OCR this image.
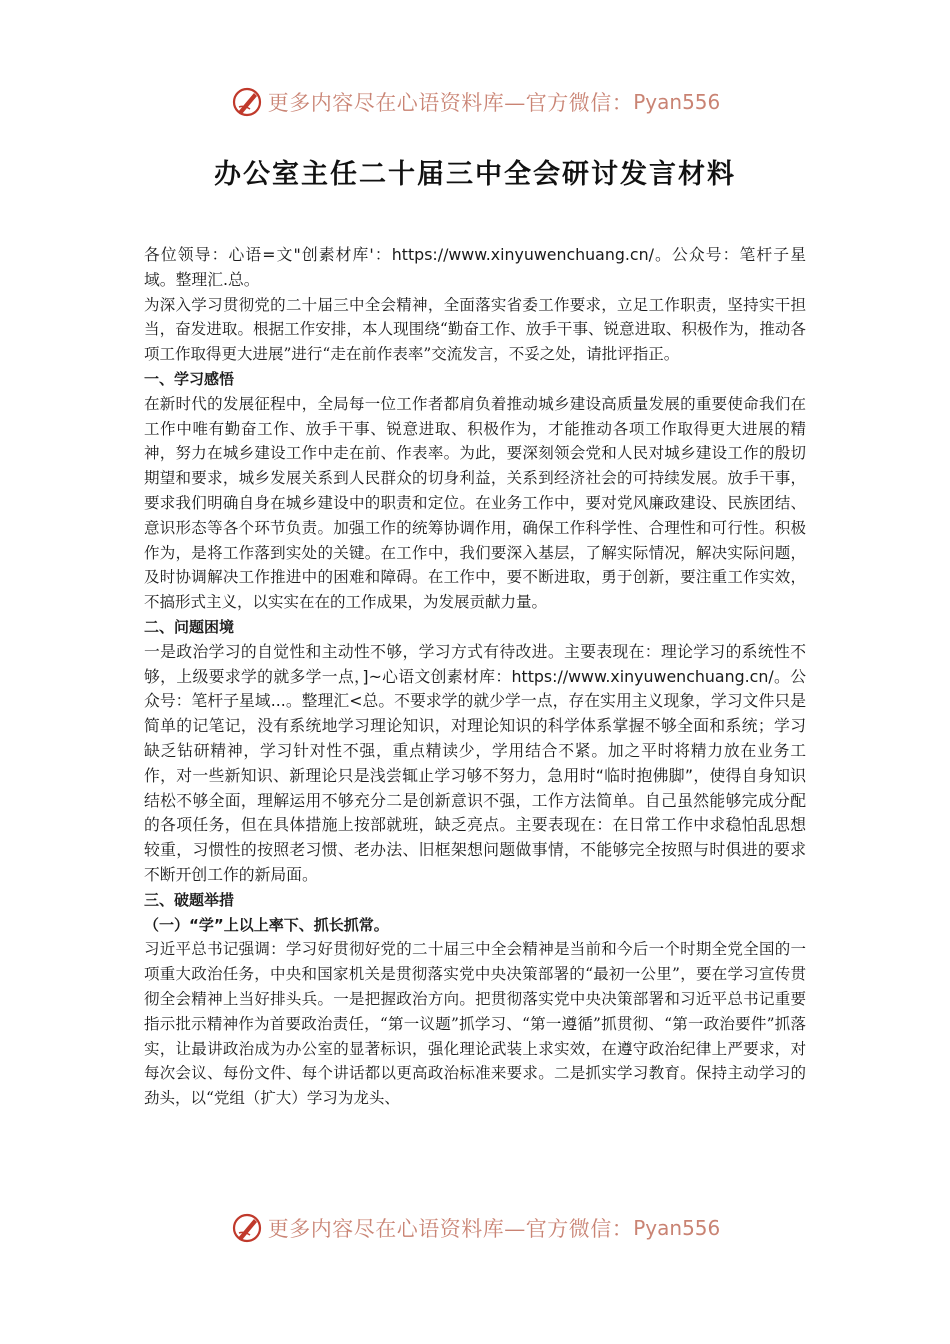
更多内容尽在心语资料库—官方微信： Pyan556
办公室主任二十届三中全会研讨发言材料

各位领导：心语=文"创素材库'：https://www.xinyuwenchuang.cn/。公众号：笔杆子星域。整理汇.总。

为深入学习贯彻党的二十届三中全会精神，全面落实省委工作要求，立足工作职责，坚持实干担当，奋发进取。根据工作安排，本人现围绕“勤奋工作、放手干事、锐意进取、积极作为，推动各项工作取得更大进展”进行“走在前作表率”交流发言，不妥之处，请批评指正。

一、学习感悟

在新时代的发展征程中，全局每一位工作者都肩负着推动城乡建设高质量发展的重要使命我们在工作中唯有勤奋工作、放手干事、锐意进取、积极作为，才能推动各项工作取得更大进展的精神，努力在城乡建设工作中走在前、作表率。为此，要深刻领会党和人民对城乡建设工作的殷切期望和要求，城乡发展关系到人民群众的切身利益，关系到经济社会的可持续发展。放手干事，要求我们明确自身在城乡建设中的职责和定位。在业务工作中，要对党风廉政建设、民族团结、意识形态等各个环节负责。加强工作的统筹协调作用，确保工作科学性、合理性和可行性。积极作为，是将工作落到实处的关键。在工作中，我们要深入基层，了解实际情况，解决实际问题，及时协调解决工作推进中的困难和障碍。在工作中，要不断进取，勇于创新，要注重工作实效，不搞形式主义，以实实在在的工作成果，为发展贡献力量。

二、问题困境

一是政治学习的自觉性和主动性不够，学习方式有待改进。主要表现在：理论学习的系统性不够，上级要求学的就多学一点，]~心语文创素材库：https://www.xinyuwenchuang.cn/。公众号：笔杆子星域...。整理汇<总。不要求学的就少学一点，存在实用主义现象，学习文件只是简单的记笔记，没有系统地学习理论知识，对理论知识的科学体系掌握不够全面和系统；学习缺乏钻研精神，学习针对性不强，重点精读少，学用结合不紧。加之平时将精力放在业务工作，对一些新知识、新理论只是浅尝辄止学习够不努力，急用时“临时抱佛脚”，使得自身知识结松不够全面，理解运用不够充分二是创新意识不强，工作方法简单。自己虽然能够完成分配的各项任务，但在具体措施上按部就班，缺乏亮点。主要表现在：在日常工作中求稳怕乱思想较重，习惯性的按照老习惯、老办法、旧框架想问题做事情，不能够完全按照与时俱进的要求不断开创工作的新局面。

三、破题举措

（一）“学”上以上率下、抓长抓常。

习近平总书记强调：学习好贯彻好党的二十届三中全会精神是当前和今后一个时期全党全国的一项重大政治任务，中央和国家机关是贯彻落实党中央决策部署的“最初一公里”，要在学习宣传贯彻全会精神上当好排头兵。一是把握政治方向。把贯彻落实党中央决策部署和习近平总书记重要指示批示精神作为首要政治责任，“第一议题”抓学习、“第一遵循”抓贯彻、“第一政治要件”抓落实，让最讲政治成为办公室的显著标识，强化理论武装上求实效，在遵守政治纪律上严要求，对每次会议、每份文件、每个讲话都以更高政治标准来要求。二是抓实学习教育。保持主动学习的劲头，以“党组（扩大）学习为龙头、

更多内容尽在心语资料库—官方微信： Pyan556
